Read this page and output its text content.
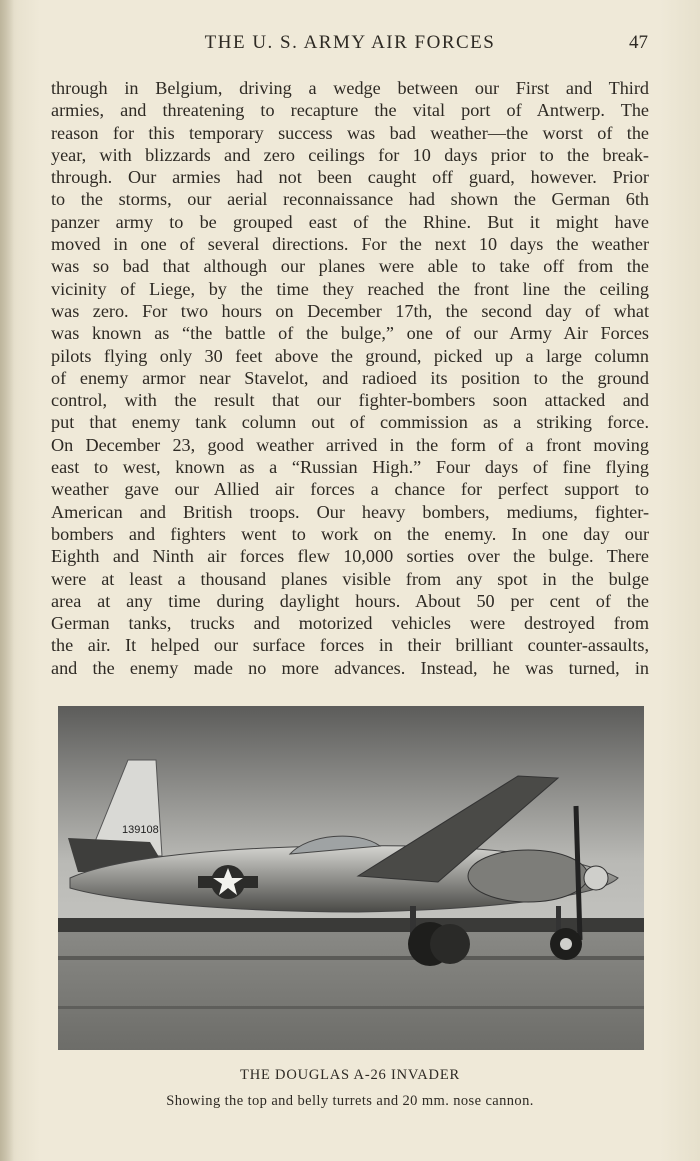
THE U. S. ARMY AIR FORCES	47
through in Belgium, driving a wedge between our First and Third
armies, and threatening to recapture the vital port of Antwerp. The
reason for this temporary success was bad weather—the worst of the
year, with blizzards and zero ceilings for 10 days prior to the break-
through. Our armies had not been caught off guard, however. Prior
to the storms, our aerial reconnaissance had shown the German 6th
panzer army to be grouped east of the Rhine. But it might have
moved in one of several directions. For the next 10 days the weather
was so bad that although our planes were able to take off from the
vicinity of Liege, by the time they reached the front line the ceiling
was zero. For two hours on December 17th, the second day of what
was known as “the battle of the bulge,” one of our Army Air Forces
pilots flying only 30 feet above the ground, picked up a large column
of enemy armor near Stavelot, and radioed its position to the ground
control, with the result that our fighter-bombers soon attacked and
put that enemy tank column out of commission as a striking force.
On December 23, good weather arrived in the form of a front moving
east to west, known as a “Russian High.” Four days of fine flying
weather gave our Allied air forces a chance for perfect support to
American and British troops. Our heavy bombers, mediums, fighter-
bombers and fighters went to work on the enemy. In one day our
Eighth and Ninth air forces flew 10,000 sorties over the bulge. There
were at least a thousand planes visible from any spot in the bulge
area at any time during daylight hours. About 50 per cent of the
German tanks, trucks and motorized vehicles were destroyed from
the air. It helped our surface forces in their brilliant counter-assaults,
and the enemy made no more advances. Instead, he was turned, in
139108
THE DOUGLAS A-26 INVADER
Showing the top and belly turrets and 20 mm. nose cannon.
